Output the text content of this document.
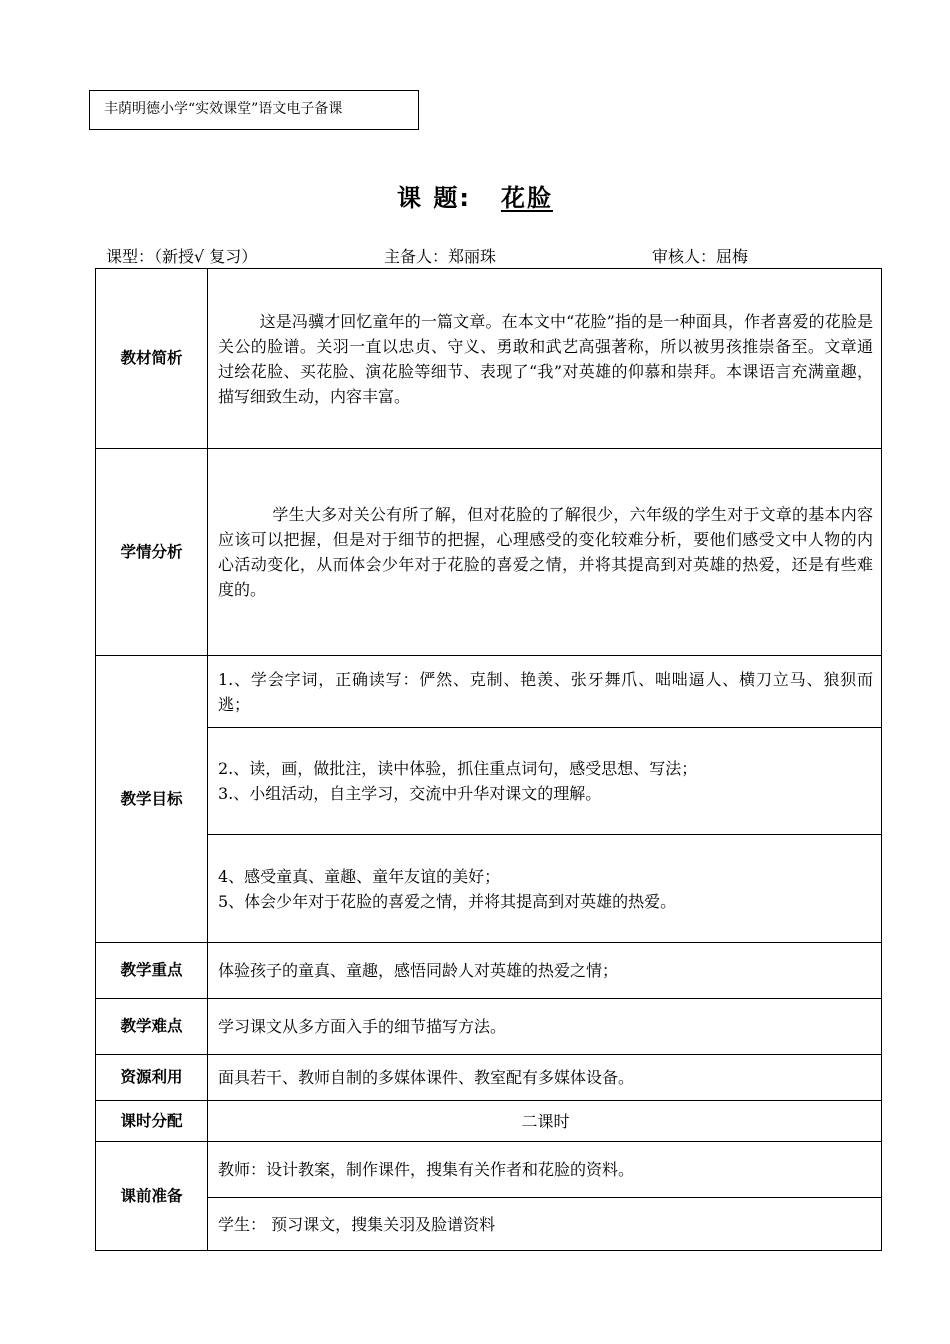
丰荫明德小学“实效课堂”语文电子备课
课 题: 花脸
课型：（新授√ 复习）	主备人：郑丽珠	审核人：屈梅
教材简析	这是冯骥才回忆童年的一篇文章。在本文中“花脸”指的是一种面具，作者喜爱的花脸是关公的脸谱。关羽一直以忠贞、守义、勇敢和武艺高强著称，所以被男孩推崇备至。文章通过绘花脸、买花脸、演花脸等细节、表现了“我”对英雄的仰慕和崇拜。本课语言充满童趣，描写细致生动，内容丰富。

学情分析	学生大多对关公有所了解，但对花脸的了解很少，六年级的学生对于文章的基本内容应该可以把握，但是对于细节的把握，心理感受的变化较难分析，要他们感受文中人物的内心活动变化，从而体会少年对于花脸的喜爱之情，并将其提高到对英雄的热爱，还是有些难度的。

教学目标	1.、学会字词，正确读写：俨然、克制、艳羡、张牙舞爪、咄咄逼人、横刀立马、狼狈而逃；

	2.、读，画，做批注，读中体验，抓住重点词句，感受思想、写法；
3.、小组活动，自主学习，交流中升华对课文的理解。

	4、感受童真、童趣、童年友谊的美好；
5、体会少年对于花脸的喜爱之情，并将其提高到对英雄的热爱。

教学重点	体验孩子的童真、童趣，感悟同龄人对英雄的热爱之情；
教学难点	学习课文从多方面入手的细节描写方法。
资源利用	面具若干、教师自制的多媒体课件、教室配有多媒体设备。
课时分配	二课时
课前准备	教师：设计教案，制作课件，搜集有关作者和花脸的资料。
	学生： 预习课文，搜集关羽及脸谱资料
